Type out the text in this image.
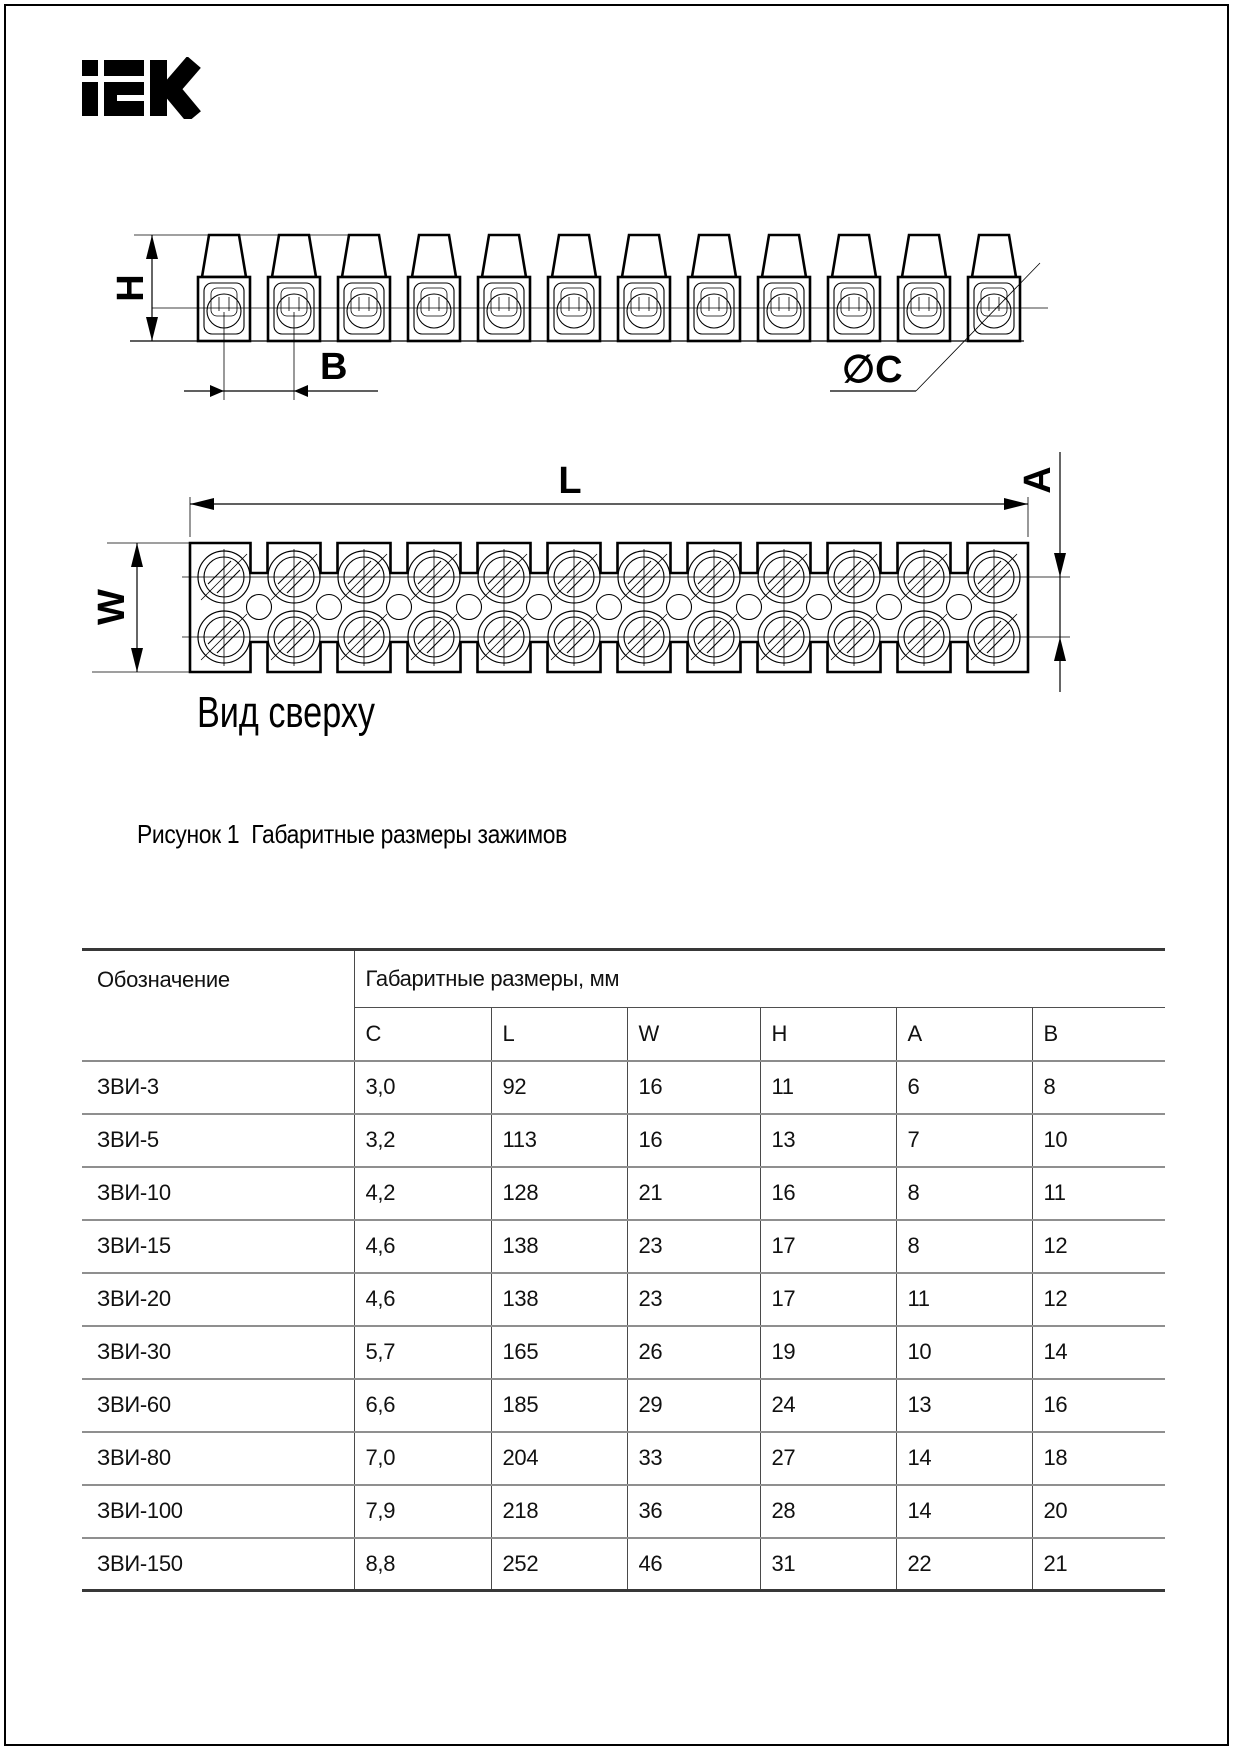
H
B	∅C
W
L	A
Вид сверху
Рисунок 1  Габаритные размеры зажимов
Обозначение	Габаритные размеры, мм					
	C	L	W	H	A	B
ЗВИ-3	3,0	92	16	11	6	8
ЗВИ-5	3,2	113	16	13	7	10
ЗВИ-10	4,2	128	21	16	8	11
ЗВИ-15	4,6	138	23	17	8	12
ЗВИ-20	4,6	138	23	17	11	12
ЗВИ-30	5,7	165	26	19	10	14
ЗВИ-60	6,6	185	29	24	13	16
ЗВИ-80	7,0	204	33	27	14	18
ЗВИ-100	7,9	218	36	28	14	20
ЗВИ-150	8,8	252	46	31	22	21
